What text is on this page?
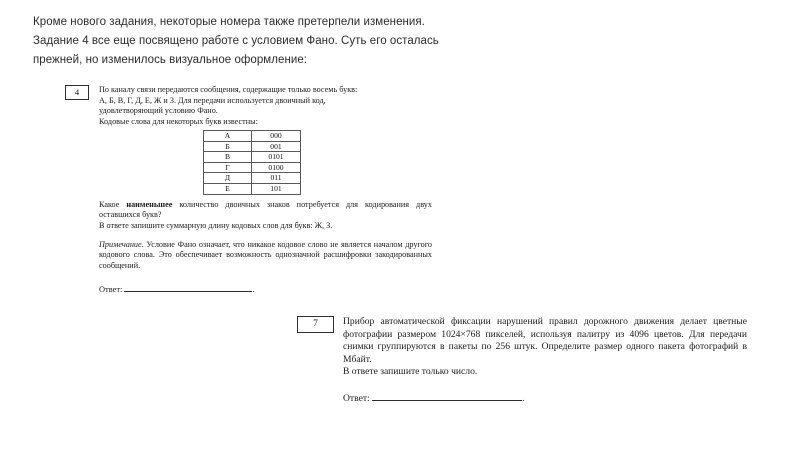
Кроме нового задания, некоторые номера также претерпели изменения.

Задание 4 все еще посвящено работе с условием Фано. Суть его осталась

прежней, но изменилось визуальное оформление:

4	По каналу связи передаются сообщения, содержащие только восемь букв:

А, Б, В, Г, Д, Е, Ж и З. Для передачи используется двоичный код,

удовлетворяющий условию Фано.

Кодовые слова для некоторых букв известны:

А	000
Б	001
В	0101
Г	0100
Д	011
Е	101

Какое наименьшее количество двоичных знаков потребуется для кодирования двух оставшихся букв?

В ответе запишите суммарную длину кодовых слов для букв: Ж, З.

Примечание. Условие Фано означает, что никакое кодовое слово не является началом другого кодового слова. Это обеспечивает возможность однозначной расшифровки закодированных сообщений.

Ответ:	.
7	Прибор автоматической фиксации нарушений правил дорожного движения делает цветные фотографии размером 1024×768 пикселей, используя палитру из 4096 цветов. Для передачи снимки группируются в пакеты по 256 штук. Определите размер одного пакета фотографий в Мбайт.

В ответе запишите только число.

Ответ:	.
